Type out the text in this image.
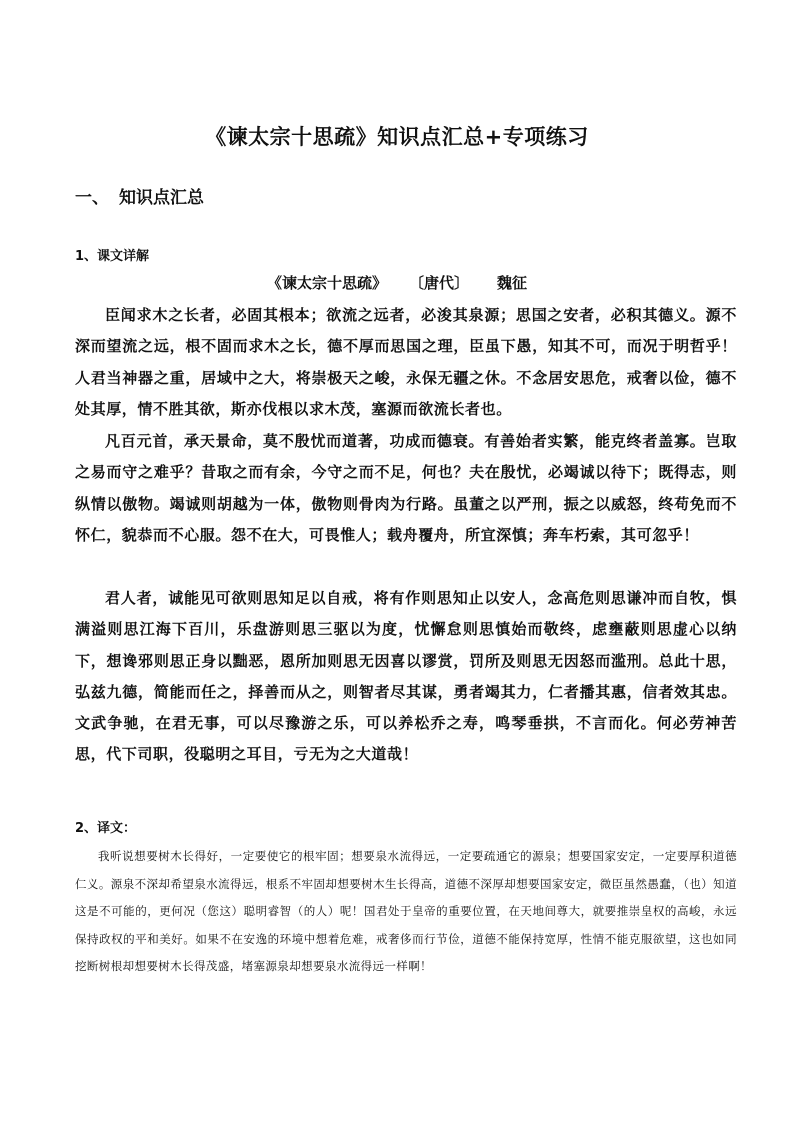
《谏太宗十思疏》知识点汇总+专项练习
一、 知识点汇总
1、课文详解
《谏太宗十思疏》 〔唐代〕 魏征

臣闻求木之长者，必固其根本；欲流之远者，必浚其泉源；思国之安者，必积其德义。源不深而望流之远，根不固而求木之长，德不厚而思国之理，臣虽下愚，知其不可，而况于明哲乎！人君当神器之重，居域中之大，将崇极天之峻，永保无疆之休。不念居安思危，戒奢以俭，德不处其厚，情不胜其欲，斯亦伐根以求木茂，塞源而欲流长者也。

凡百元首，承天景命，莫不殷忧而道著，功成而德衰。有善始者实繁，能克终者盖寡。岂取之易而守之难乎？昔取之而有余，今守之而不足，何也？夫在殷忧，必竭诚以待下；既得志，则纵情以傲物。竭诚则胡越为一体，傲物则骨肉为行路。虽董之以严刑，振之以威怒，终苟免而不怀仁，貌恭而不心服。怨不在大，可畏惟人；载舟覆舟，所宜深慎；奔车朽索，其可忽乎！

君人者，诚能见可欲则思知足以自戒，将有作则思知止以安人，念高危则思谦冲而自牧，惧满溢则思江海下百川，乐盘游则思三驱以为度，忧懈怠则思慎始而敬终，虑壅蔽则思虚心以纳下，想谗邪则思正身以黜恶，恩所加则思无因喜以谬赏，罚所及则思无因怒而滥刑。总此十思，弘兹九德，简能而任之，择善而从之，则智者尽其谋，勇者竭其力，仁者播其惠，信者效其忠。文武争驰，在君无事，可以尽豫游之乐，可以养松乔之寿，鸣琴垂拱，不言而化。何必劳神苦思，代下司职，役聪明之耳目，亏无为之大道哉！

2、译文：

我听说想要树木长得好，一定要使它的根牢固；想要泉水流得远，一定要疏通它的源泉；想要国家安定，一定要厚积道德仁义。源泉不深却希望泉水流得远，根系不牢固却想要树木生长得高，道德不深厚却想要国家安定，微臣虽然愚蠢，（也）知道这是不可能的，更何况（您这）聪明睿智（的人）呢！国君处于皇帝的重要位置，在天地间尊大，就要推崇皇权的高峻，永远保持政权的平和美好。如果不在安逸的环境中想着危难，戒奢侈而行节俭，道德不能保持宽厚，性情不能克服欲望，这也如同挖断树根却想要树木长得茂盛，堵塞源泉却想要泉水流得远一样啊！
